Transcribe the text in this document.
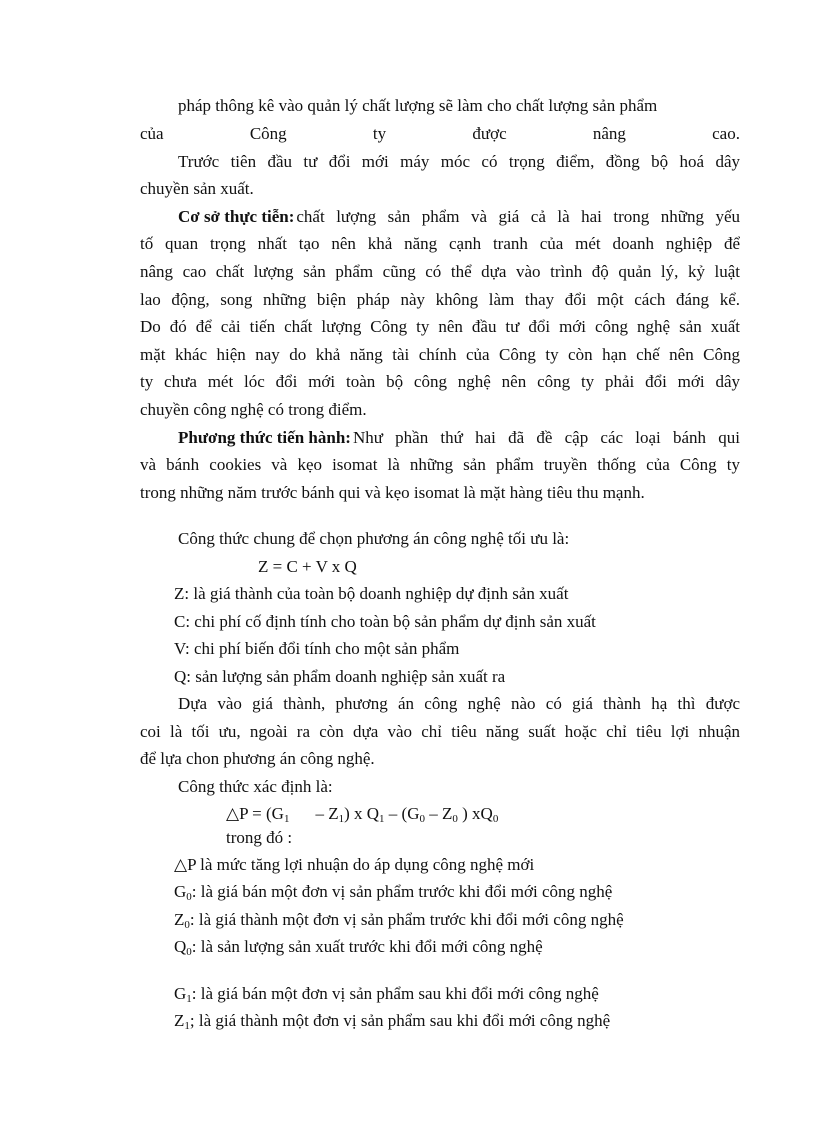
pháp thông kê vào quản lý chất lượng sẽ làm cho chất lượng sản phẩm
của	Công	ty	được	nâng	cao.
Trước tiên đầu tư đổi mới máy móc có trọng điểm, đồng bộ hoá dây
chuyền sản xuất.
Cơ sở thực tiễn: chất lượng sản phẩm và giá cả là hai trong những yếu
tố quan trọng nhất tạo nên khả năng cạnh tranh của mét doanh nghiệp để
nâng cao chất lượng sản phẩm cũng có thể dựa vào trình độ quản lý, kỷ luật
lao động, song những biện pháp này không làm thay đổi một cách đáng kể.
Do đó để cải tiến chất lượng Công ty nên đầu tư đổi mới công nghệ sản xuất
mặt khác hiện nay do khả năng tài chính của Công ty còn hạn chế nên Công
ty chưa mét lóc đổi mới toàn bộ công nghệ nên công ty phải đổi mới dây
chuyền công nghệ có trong điểm.
Phương thức tiến hành: Như phần thứ hai đã đề cập các loại bánh qui
và bánh cookies và kẹo isomat là những sản phẩm truyền thống của Công ty
trong những năm trước bánh qui và kẹo isomat là mặt hàng tiêu thu mạnh.
Công thức chung để chọn phương án công nghệ tối ưu là:
Z = C + V x Q
Z: là giá thành của toàn bộ doanh nghiệp dự định sản xuất
C: chi phí cố định tính cho toàn bộ sản phẩm dự định sản xuất
V: chi phí biến đổi tính cho một sản phẩm
Q: sản lượng sản phẩm doanh nghiệp sản xuất ra
Dựa vào giá thành, phương án công nghệ nào có giá thành hạ thì được
coi là tối ưu, ngoài ra còn dựa vào chỉ tiêu năng suất hoặc chỉ tiêu lợi nhuận
để lựa chon phương án công nghệ.
Công thức xác định là:
△P = $(G_1 - Z_1)$ x $Q_1 - (G_0 - Z_0$ ) $xQ_0$
trong đó :
△P là mức tăng lợi nhuận do áp dụng công nghệ mới
$G_0$: là giá bán một đơn vị sản phẩm trước khi đổi mới công nghệ
$Z_0$: là giá thành một đơn vị sản phẩm trước khi đổi mới công nghệ
$Q_0$: là sản lượng sản xuất trước khi đổi mới công nghệ
$G_1$: là giá bán một đơn vị sản phẩm sau khi đổi mới công nghệ
$Z_1$; là giá thành một đơn vị sản phẩm sau khi đổi mới công nghệ
